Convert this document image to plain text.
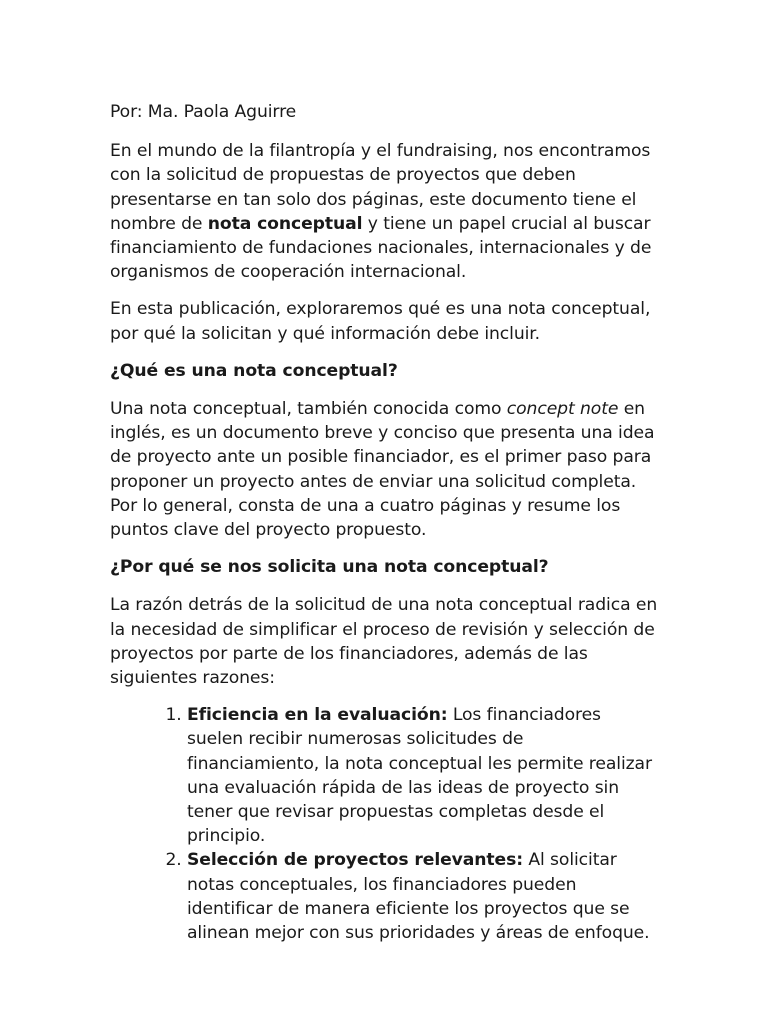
Por: Ma. Paola Aguirre

En el mundo de la filantropía y el fundraising, nos encontramos con la solicitud de propuestas de proyectos que deben presentarse en tan solo dos páginas, este documento tiene el nombre de nota conceptual y tiene un papel crucial al buscar financiamiento de fundaciones nacionales, internacionales y de organismos de cooperación internacional.

En esta publicación, exploraremos qué es una nota conceptual, por qué la solicitan y qué información debe incluir.

¿Qué es una nota conceptual?

Una nota conceptual, también conocida como concept note en inglés, es un documento breve y conciso que presenta una idea de proyecto ante un posible financiador, es el primer paso para proponer un proyecto antes de enviar una solicitud completa. Por lo general, consta de una a cuatro páginas y resume los puntos clave del proyecto propuesto.

¿Por qué se nos solicita una nota conceptual?

La razón detrás de la solicitud de una nota conceptual radica en la necesidad de simplificar el proceso de revisión y selección de proyectos por parte de los financiadores, además de las siguientes razones:

1. Eficiencia en la evaluación: Los financiadores suelen recibir numerosas solicitudes de financiamiento, la nota conceptual les permite realizar una evaluación rápida de las ideas de proyecto sin tener que revisar propuestas completas desde el principio.
2. Selección de proyectos relevantes: Al solicitar notas conceptuales, los financiadores pueden identificar de manera eficiente los proyectos que se alinean mejor con sus prioridades y áreas de enfoque.
